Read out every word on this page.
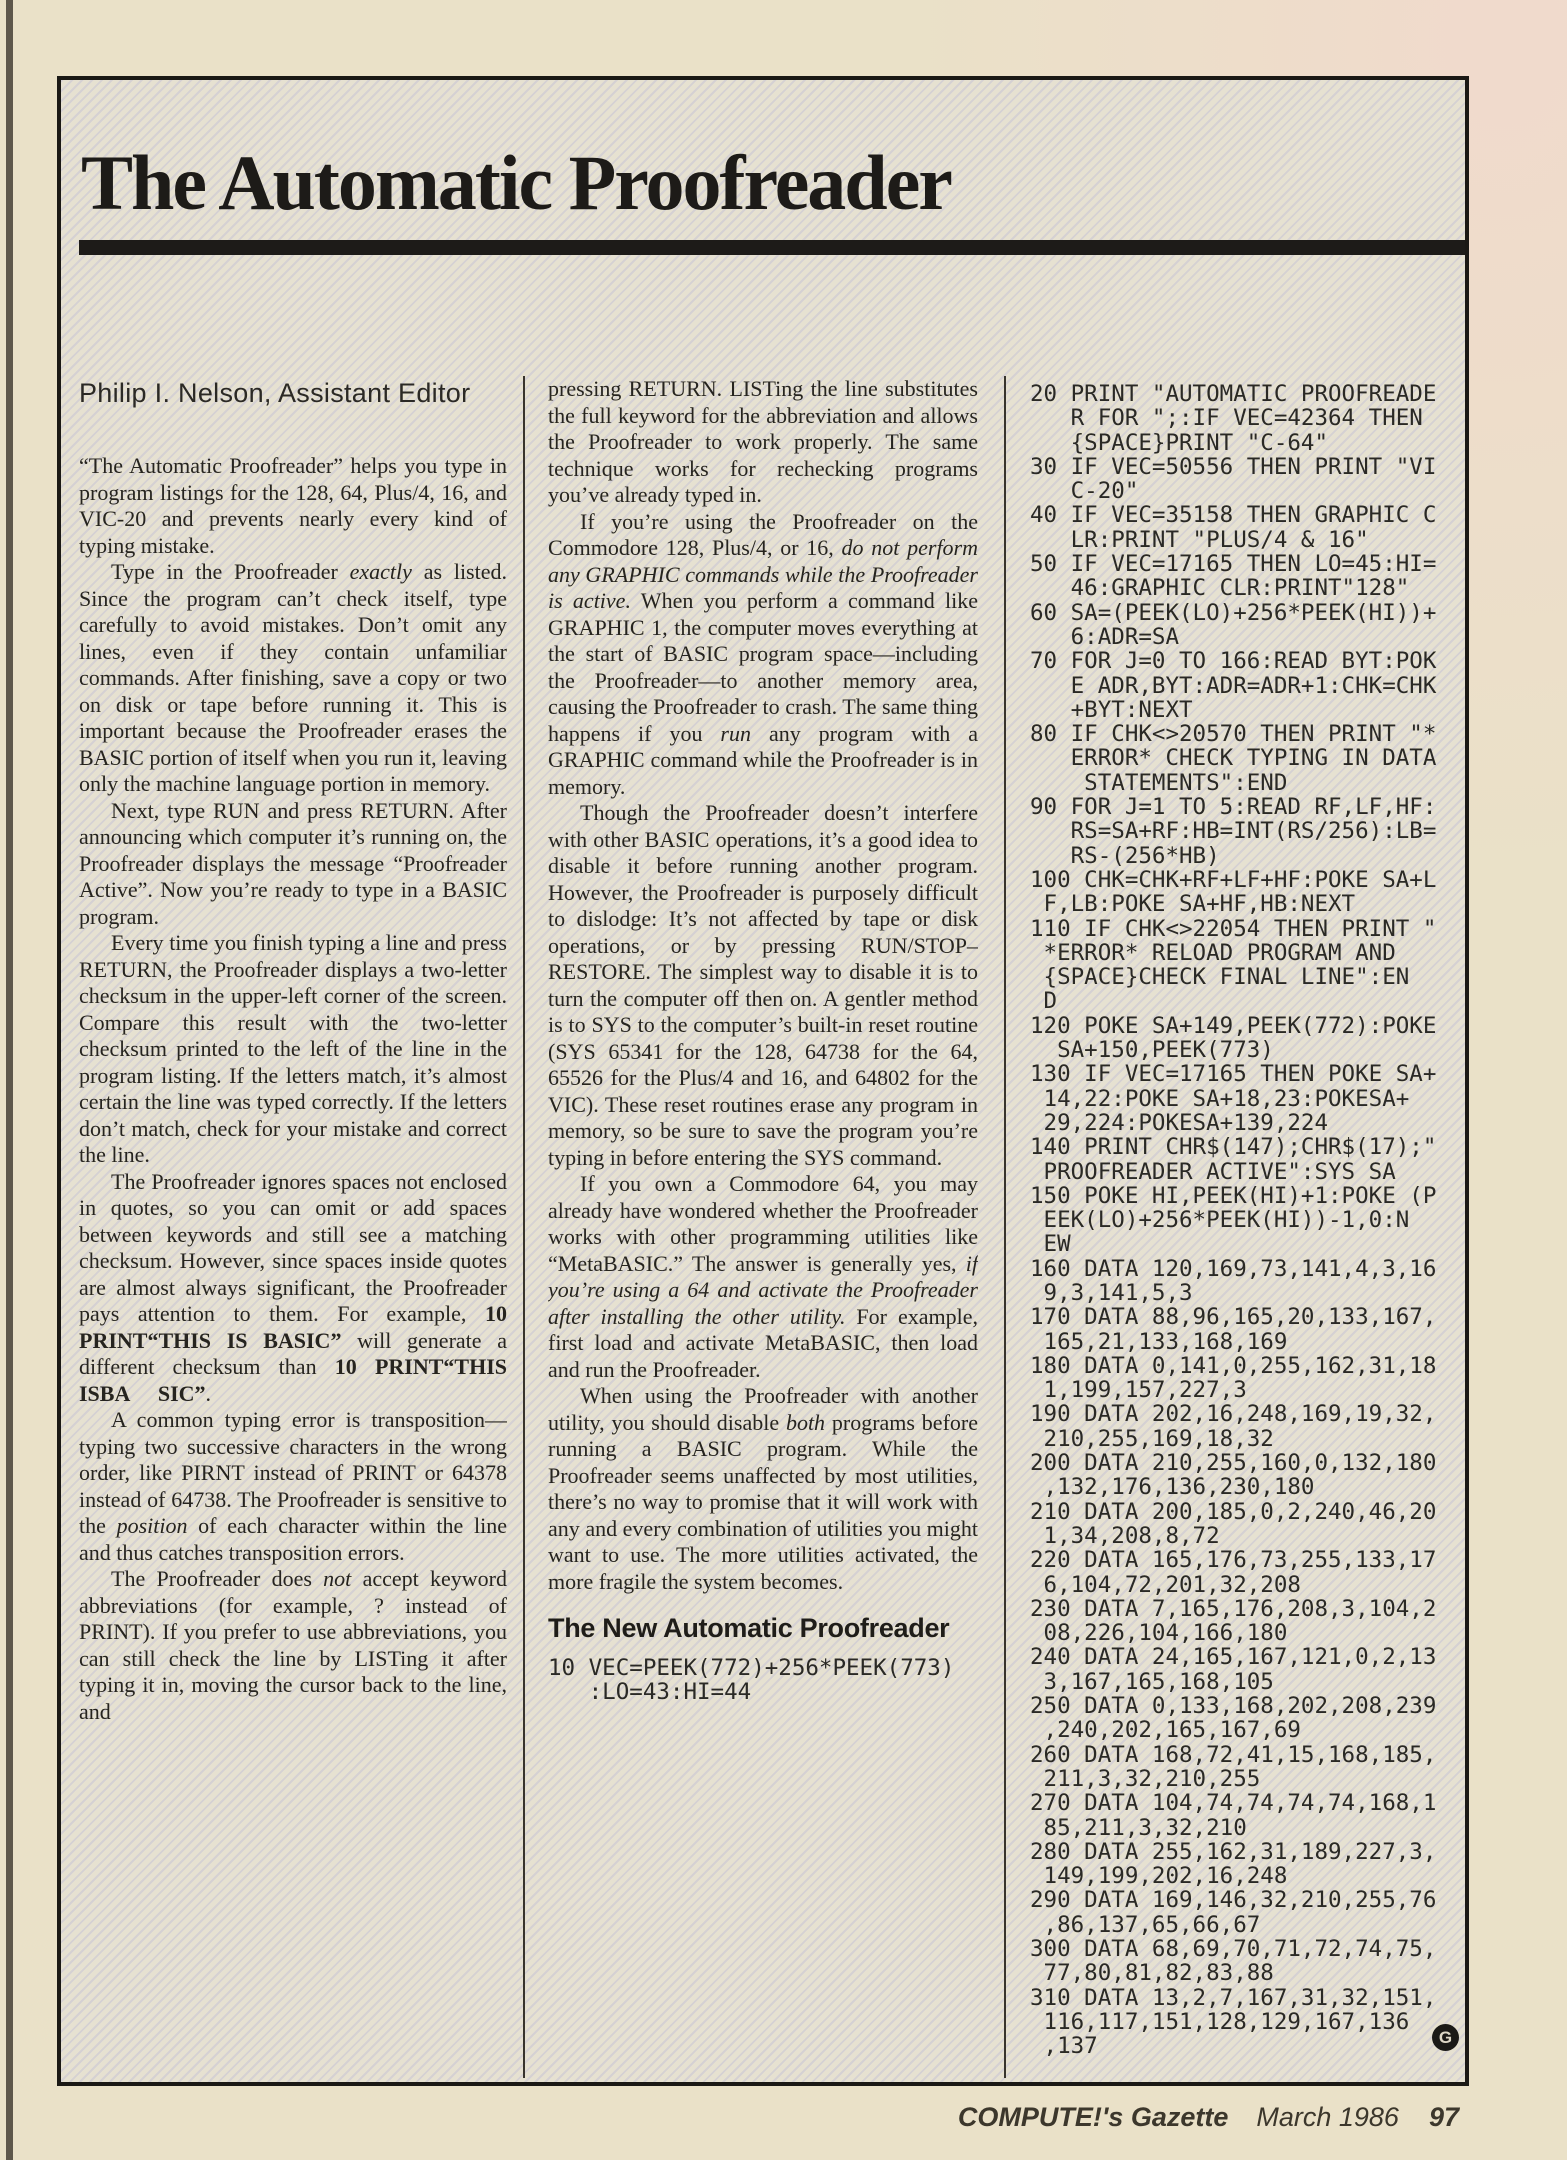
The Automatic Proofreader
Philip I. Nelson, Assistant Editor

“The Automatic Proofreader” helps you type in program listings for the 128, 64, Plus/4, 16, and VIC-20 and prevents nearly every kind of typing mistake.

Type in the Proofreader exactly as listed. Since the program can’t check itself, type carefully to avoid mistakes. Don’t omit any lines, even if they contain unfamiliar commands. After finishing, save a copy or two on disk or tape before running it. This is important because the Proofreader erases the BASIC portion of itself when you run it, leaving only the machine language portion in memory.

Next, type RUN and press RETURN. After announcing which computer it’s running on, the Proofreader displays the message “Proofreader Active”. Now you’re ready to type in a BASIC program.

Every time you finish typing a line and press RETURN, the Proofreader displays a two-letter checksum in the upper-left corner of the screen. Compare this result with the two-letter checksum printed to the left of the line in the program listing. If the letters match, it’s almost certain the line was typed correctly. If the letters don’t match, check for your mistake and correct the line.

The Proofreader ignores spaces not enclosed in quotes, so you can omit or add spaces between keywords and still see a matching checksum. However, since spaces inside quotes are almost always significant, the Proofreader pays attention to them. For example, 10 PRINT“THIS IS BASIC” will generate a different checksum than 10 PRINT“THIS ISBA     SIC”.

A common typing error is transposition—typing two successive characters in the wrong order, like PIRNT instead of PRINT or 64378 instead of 64738. The Proofreader is sensitive to the position of each character within the line and thus catches transposition errors.

The Proofreader does not accept keyword abbreviations (for example, ? instead of PRINT). If you prefer to use abbreviations, you can still check the line by LISTing it after typing it in, moving the cursor back to the line, and

pressing RETURN. LISTing the line substitutes the full keyword for the abbreviation and allows the Proofreader to work properly. The same technique works for rechecking programs you’ve already typed in.

If you’re using the Proofreader on the Commodore 128, Plus/4, or 16, do not perform any GRAPHIC commands while the Proofreader is active. When you perform a command like GRAPHIC 1, the computer moves everything at the start of BASIC program space—including the Proofreader—to another memory area, causing the Proofreader to crash. The same thing happens if you run any program with a GRAPHIC command while the Proofreader is in memory.

Though the Proofreader doesn’t interfere with other BASIC operations, it’s a good idea to disable it before running another program. However, the Proofreader is purposely difficult to dislodge: It’s not affected by tape or disk operations, or by pressing RUN/STOP– RESTORE. The simplest way to disable it is to turn the computer off then on. A gentler method is to SYS to the computer’s built-in reset routine (SYS 65341 for the 128, 64738 for the 64, 65526 for the Plus/4 and 16, and 64802 for the VIC). These reset routines erase any program in memory, so be sure to save the program you’re typing in before entering the SYS command.

If you own a Commodore 64, you may already have wondered whether the Proofreader works with other programming utilities like “MetaBASIC.” The answer is generally yes, if you’re using a 64 and activate the Proofreader after installing the other utility. For example, first load and activate MetaBASIC, then load and run the Proofreader.

When using the Proofreader with another utility, you should disable both programs before running a BASIC program. While the Proofreader seems unaffected by most utilities, there’s no way to promise that it will work with any and every combination of utilities you might want to use. The more utilities activated, the more fragile the system becomes.

The New Automatic Proofreader
10 VEC=PEEK(772)+256*PEEK(773)
:LO=43:HI=44
20 PRINT "AUTOMATIC PROOFREADE
R FOR ";:IF VEC=42364 THEN
{SPACE}PRINT "C-64"
30 IF VEC=50556 THEN PRINT "VI
C-20"
40 IF VEC=35158 THEN GRAPHIC C
LR:PRINT "PLUS/4 & 16"
50 IF VEC=17165 THEN LO=45:HI=
46:GRAPHIC CLR:PRINT"128"
60 SA=(PEEK(LO)+256*PEEK(HI))+
6:ADR=SA
70 FOR J=0 TO 166:READ BYT:POK
E ADR,BYT:ADR=ADR+1:CHK=CHK
+BYT:NEXT
80 IF CHK<>20570 THEN PRINT "*
ERROR* CHECK TYPING IN DATA
STATEMENTS":END
90 FOR J=1 TO 5:READ RF,LF,HF:
RS=SA+RF:HB=INT(RS/256):LB=
RS-(256*HB)
100 CHK=CHK+RF+LF+HF:POKE SA+L
F,LB:POKE SA+HF,HB:NEXT
110 IF CHK<>22054 THEN PRINT "
*ERROR* RELOAD PROGRAM AND
{SPACE}CHECK FINAL LINE":EN
D
120 POKE SA+149,PEEK(772):POKE
SA+150,PEEK(773)
130 IF VEC=17165 THEN POKE SA+
14,22:POKE SA+18,23:POKESA+
29,224:POKESA+139,224
140 PRINT CHR$(147);CHR$(17);"
PROOFREADER ACTIVE":SYS SA
150 POKE HI,PEEK(HI)+1:POKE (P
EEK(LO)+256*PEEK(HI))-1,0:N
EW
160 DATA 120,169,73,141,4,3,16
9,3,141,5,3
170 DATA 88,96,165,20,133,167,
165,21,133,168,169
180 DATA 0,141,0,255,162,31,18
1,199,157,227,3
190 DATA 202,16,248,169,19,32,
210,255,169,18,32
200 DATA 210,255,160,0,132,180
,132,176,136,230,180
210 DATA 200,185,0,2,240,46,20
1,34,208,8,72
220 DATA 165,176,73,255,133,17
6,104,72,201,32,208
230 DATA 7,165,176,208,3,104,2
08,226,104,166,180
240 DATA 24,165,167,121,0,2,13
3,167,165,168,105
250 DATA 0,133,168,202,208,239
,240,202,165,167,69
260 DATA 168,72,41,15,168,185,
211,3,32,210,255
270 DATA 104,74,74,74,74,168,1
85,211,3,32,210
280 DATA 255,162,31,189,227,3,
149,199,202,16,248
290 DATA 169,146,32,210,255,76
,86,137,65,66,67
300 DATA 68,69,70,71,72,74,75,
77,80,81,82,83,88
310 DATA 13,2,7,167,31,32,151,
116,117,151,128,129,167,136
,137	G
COMPUTE!'s Gazette March 1986 97
